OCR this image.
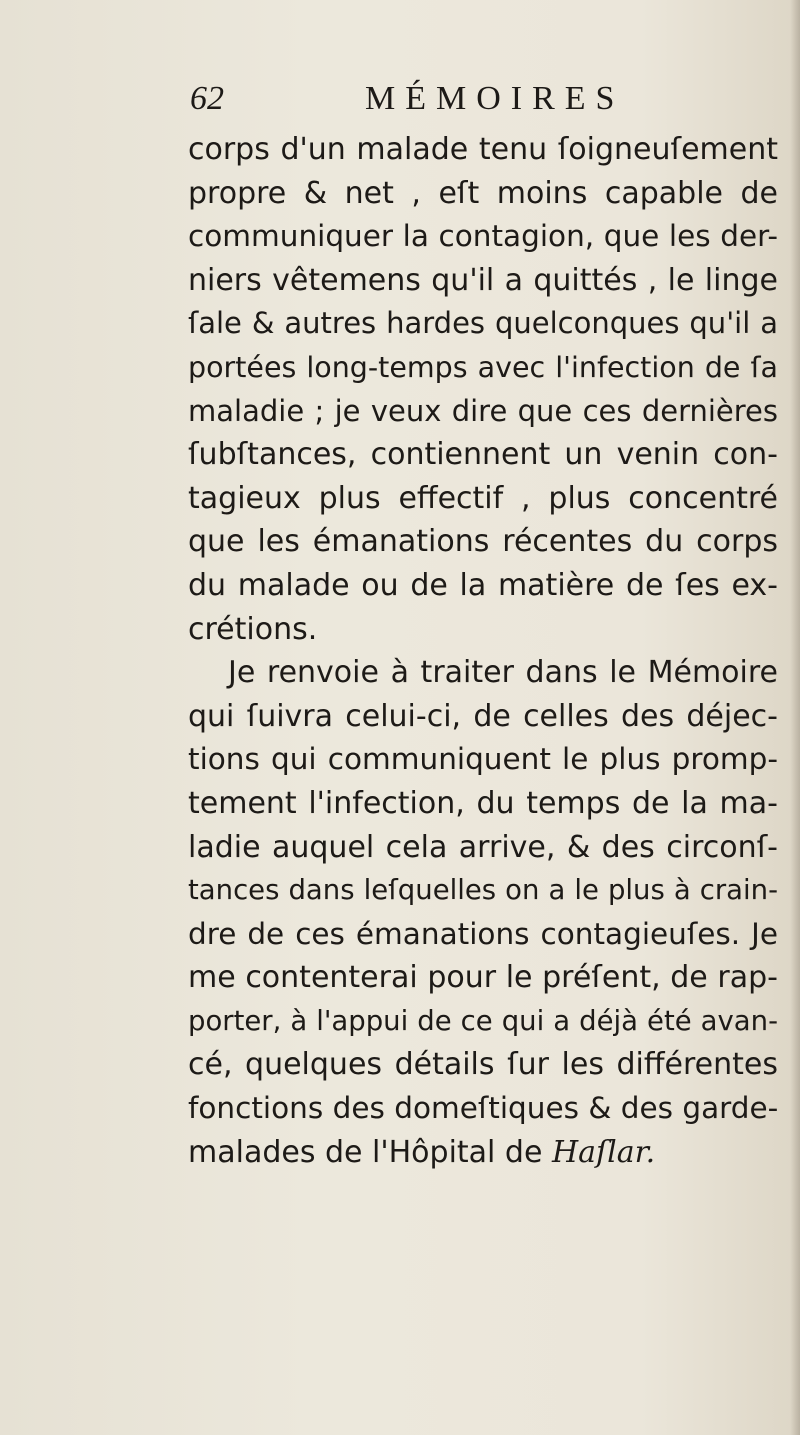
62	MÉMOIRES
corps d'un malade tenu ſoigneuſement
propre & net , eſt moins capable de
communiquer la contagion, que les der-
niers vêtemens qu'il a quittés , le linge
ſale & autres hardes quelconques qu'il a
portées long-temps avec l'infection de ſa
maladie ; je veux dire que ces dernières
ſubſtances, contiennent un venin con-
tagieux plus effectif , plus concentré
que les émanations récentes du corps
du malade ou de la matière de ſes ex-
crétions.
Je renvoie à traiter dans le Mémoire
qui ſuivra celui-ci, de celles des déjec-
tions qui communiquent le plus promp-
tement l'infection, du temps de la ma-
ladie auquel cela arrive, & des circonſ-
tances dans leſquelles on a le plus à crain-
dre de ces émanations contagieuſes. Je
me contenterai pour le préſent, de rap-
porter, à l'appui de ce qui a déjà été avan-
cé, quelques détails ſur les différentes
fonctions des domeſtiques & des garde-
malades de l'Hôpital de Haſlar.
